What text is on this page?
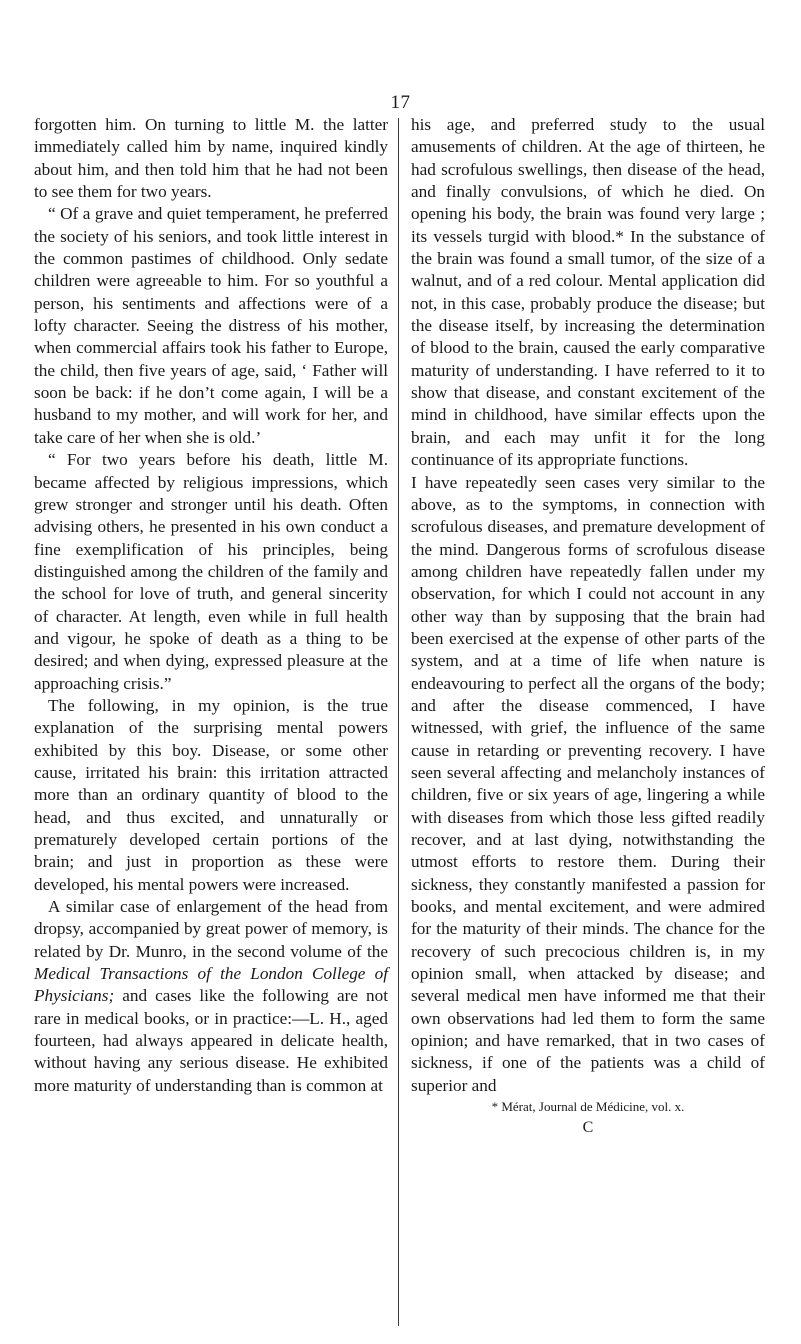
17

forgotten him. On turning to little M. the latter immediately called him by name, inquired kindly about him, and then told him that he had not been to see them for two years.

“ Of a grave and quiet temperament, he preferred the society of his seniors, and took little interest in the common pastimes of childhood. Only sedate children were agreeable to him. For so youthful a person, his sentiments and affections were of a lofty character. Seeing the distress of his mother, when commercial affairs took his father to Europe, the child, then five years of age, said, ‘ Father will soon be back: if he don’t come again, I will be a husband to my mother, and will work for her, and take care of her when she is old.’

“ For two years before his death, little M. became affected by religious impressions, which grew stronger and stronger until his death. Often advising others, he presented in his own conduct a fine exemplification of his principles, being distinguished among the children of the family and the school for love of truth, and general sincerity of character. At length, even while in full health and vigour, he spoke of death as a thing to be desired; and when dying, expressed pleasure at the approaching crisis.”

The following, in my opinion, is the true explanation of the surprising mental powers exhibited by this boy. Disease, or some other cause, irritated his brain: this irritation attracted more than an ordinary quantity of blood to the head, and thus excited, and unnaturally or prematurely developed certain portions of the brain; and just in proportion as these were developed, his mental powers were increased.

A similar case of enlargement of the head from dropsy, accompanied by great power of memory, is related by Dr. Munro, in the second volume of the Medical Transactions of the London College of Physicians; and cases like the following are not rare in medical books, or in practice:—L. H., aged fourteen, had always appeared in delicate health, without having any serious disease. He exhibited more maturity of understanding than is common at

his age, and preferred study to the usual amusements of children. At the age of thirteen, he had scrofulous swellings, then disease of the head, and finally convulsions, of which he died. On opening his body, the brain was found very large ; its vessels turgid with blood.* In the substance of the brain was found a small tumor, of the size of a walnut, and of a red colour. Mental application did not, in this case, probably produce the disease; but the disease itself, by increasing the determination of blood to the brain, caused the early comparative maturity of understanding. I have referred to it to show that disease, and constant excitement of the mind in childhood, have similar effects upon the brain, and each may unfit it for the long continuance of its appropriate functions.

I have repeatedly seen cases very similar to the above, as to the symptoms, in connection with scrofulous diseases, and premature development of the mind. Dangerous forms of scrofulous disease among children have repeatedly fallen under my observation, for which I could not account in any other way than by supposing that the brain had been exercised at the expense of other parts of the system, and at a time of life when nature is endeavouring to perfect all the organs of the body; and after the disease commenced, I have witnessed, with grief, the influence of the same cause in retarding or preventing recovery. I have seen several affecting and melancholy instances of children, five or six years of age, lingering a while with diseases from which those less gifted readily recover, and at last dying, notwithstanding the utmost efforts to restore them. During their sickness, they constantly manifested a passion for books, and mental excitement, and were admired for the maturity of their minds. The chance for the recovery of such precocious children is, in my opinion small, when attacked by disease; and several medical men have informed me that their own observations had led them to form the same opinion; and have remarked, that in two cases of sickness, if one of the patients was a child of superior and

* Mérat, Journal de Médicine, vol. x.
C
